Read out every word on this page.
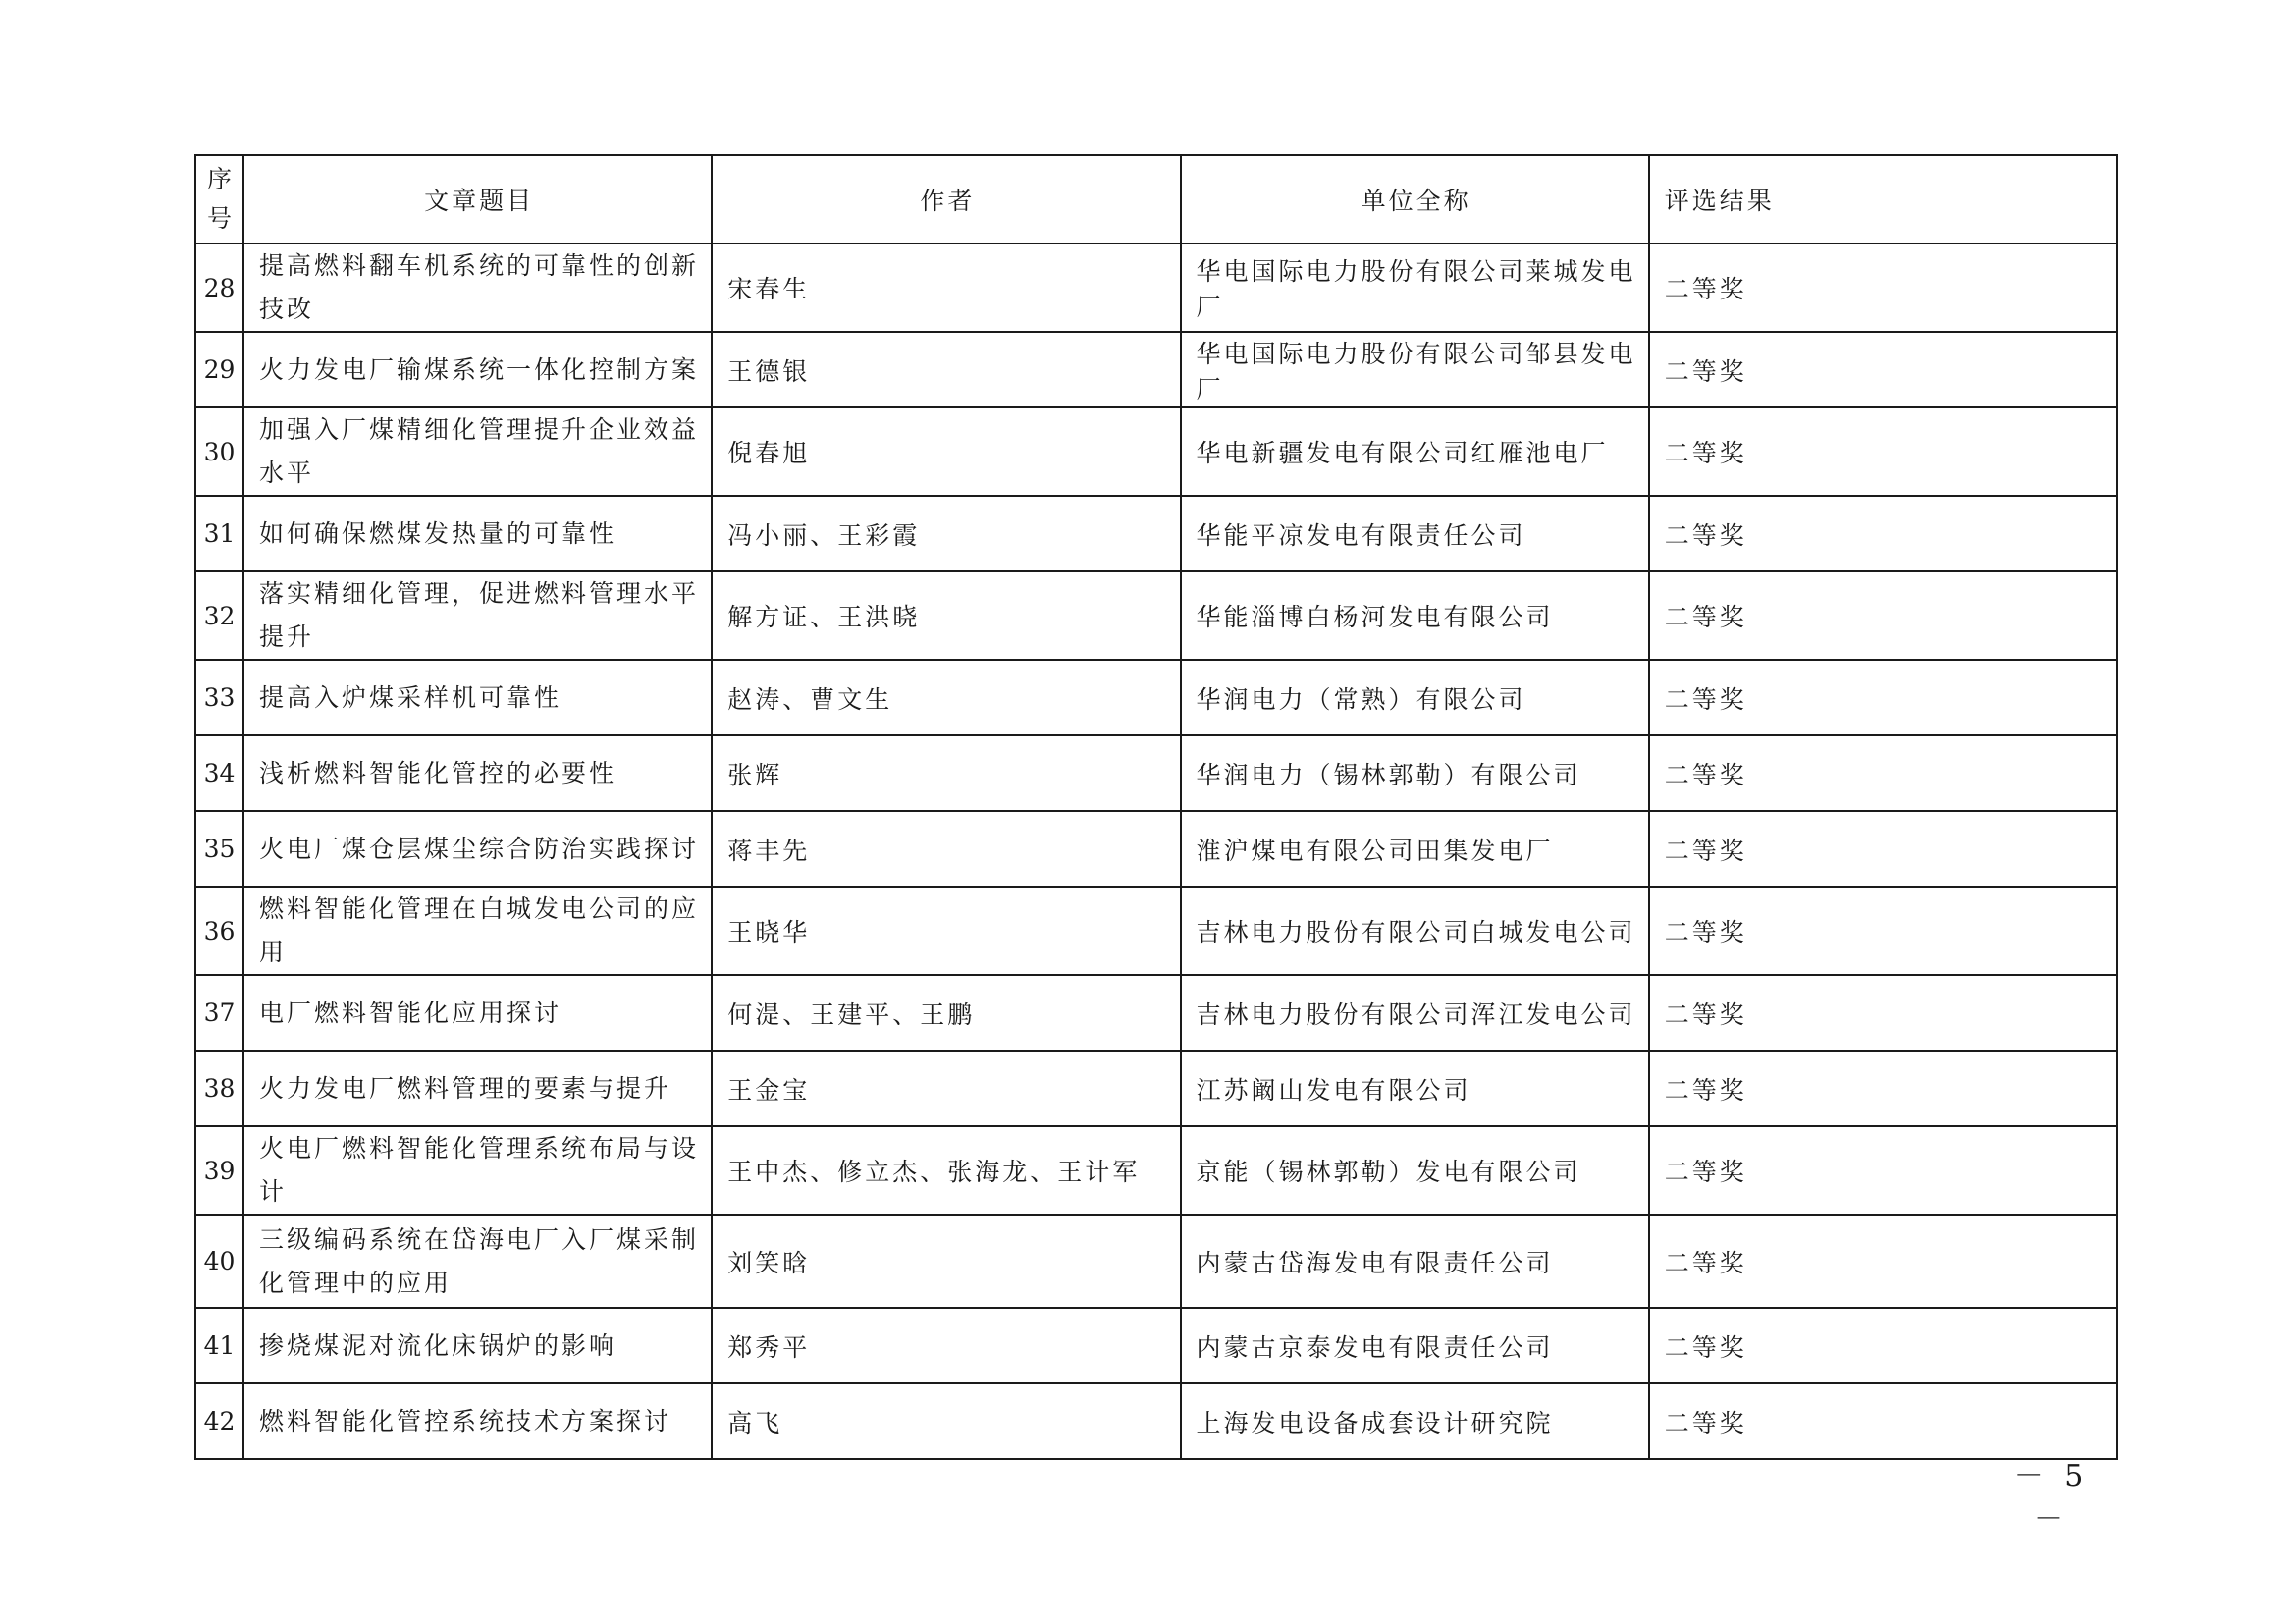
序号	文章题目	作者	单位全称	评选结果
28	提高燃料翻车机系统的可靠性的创新技改	宋春生	华电国际电力股份有限公司莱城发电厂	二等奖
29	火力发电厂输煤系统一体化控制方案	王德银	华电国际电力股份有限公司邹县发电厂	二等奖
30	加强入厂煤精细化管理提升企业效益水平	倪春旭	华电新疆发电有限公司红雁池电厂	二等奖
31	如何确保燃煤发热量的可靠性	冯小丽、王彩霞	华能平凉发电有限责任公司	二等奖
32	落实精细化管理，促进燃料管理水平提升	解方证、王洪晓	华能淄博白杨河发电有限公司	二等奖
33	提高入炉煤采样机可靠性	赵涛、曹文生	华润电力（常熟）有限公司	二等奖
34	浅析燃料智能化管控的必要性	张辉	华润电力（锡林郭勒）有限公司	二等奖
35	火电厂煤仓层煤尘综合防治实践探讨	蒋丰先	淮沪煤电有限公司田集发电厂	二等奖
36	燃料智能化管理在白城发电公司的应用	王晓华	吉林电力股份有限公司白城发电公司	二等奖
37	电厂燃料智能化应用探讨	何湜、王建平、王鹏	吉林电力股份有限公司浑江发电公司	二等奖
38	火力发电厂燃料管理的要素与提升	王金宝	江苏阚山发电有限公司	二等奖
39	火电厂燃料智能化管理系统布局与设计	王中杰、修立杰、张海龙、王计军	京能（锡林郭勒）发电有限公司	二等奖
40	三级编码系统在岱海电厂入厂煤采制化管理中的应用	刘笑晗	内蒙古岱海发电有限责任公司	二等奖
41	掺烧煤泥对流化床锅炉的影响	郑秀平	内蒙古京泰发电有限责任公司	二等奖
42	燃料智能化管控系统技术方案探讨	高飞	上海发电设备成套设计研究院	二等奖
－ 5 －
